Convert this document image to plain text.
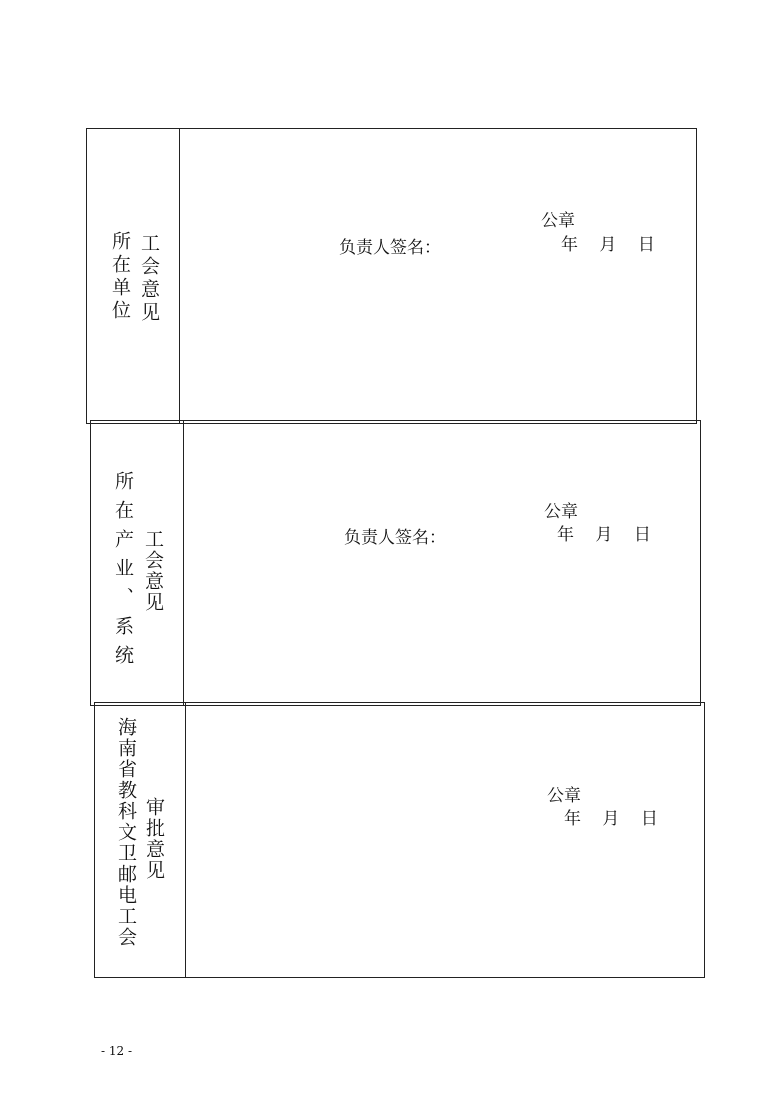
所在单位 工会意见	负责人签名：
公章
年 月 日
所在产业、系统 工会意见	负责人签名：
公章
年 月 日
海南省教科文卫邮电工会 审批意见
公章
年 月 日
- 12 -
